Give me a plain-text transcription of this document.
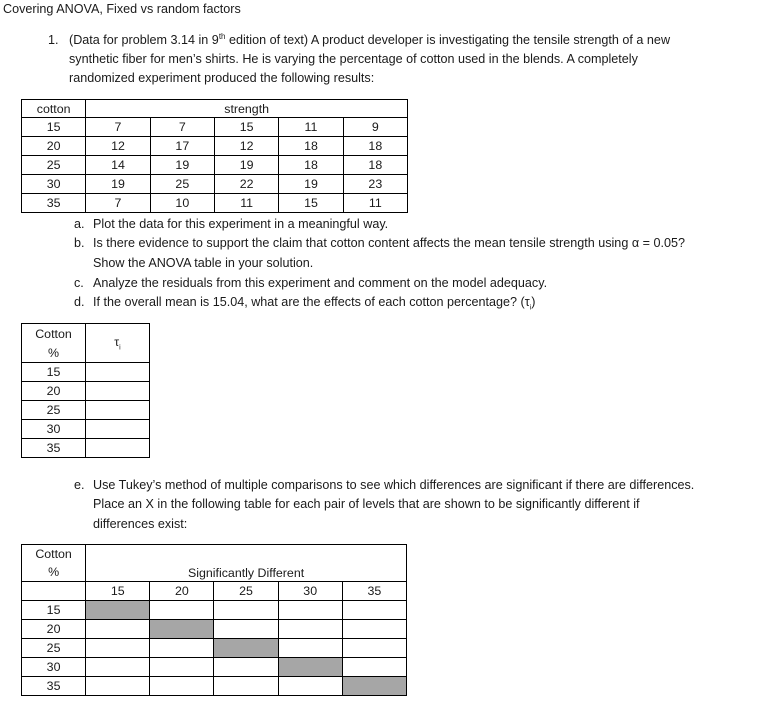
Covering ANOVA, Fixed vs random factors
1. (Data for problem 3.14 in 9th edition of text) A product developer is investigating the tensile strength of a new
synthetic fiber for men’s shirts. He is varying the percentage of cotton used in the blends. A completely
randomized experiment produced the following results:
cotton	strength				
15	7	7	15	11	9
20	12	17	12	18	18
25	14	19	19	18	18
30	19	25	22	19	23
35	7	10	11	15	11
a. Plot the data for this experiment in a meaningful way.
b. Is there evidence to support the claim that cotton content affects the mean tensile strength using α = 0.05?
Show the ANOVA table in your solution.
c. Analyze the residuals from this experiment and comment on the model adequacy.
d. If the overall mean is 15.04, what are the effects of each cotton percentage? $(\tau_i)$
Cotton	$\tau_i$
%	
15	
20	
25	
30	
35	
e. Use Tukey’s method of multiple comparisons to see which differences are significant if there are differences.
Place an X in the following table for each pair of levels that are shown to be significantly different if
differences exist:
Cotton	Significantly Different				
%					
	15	20	25	30	35
15					
20					
25					
30					
35					
